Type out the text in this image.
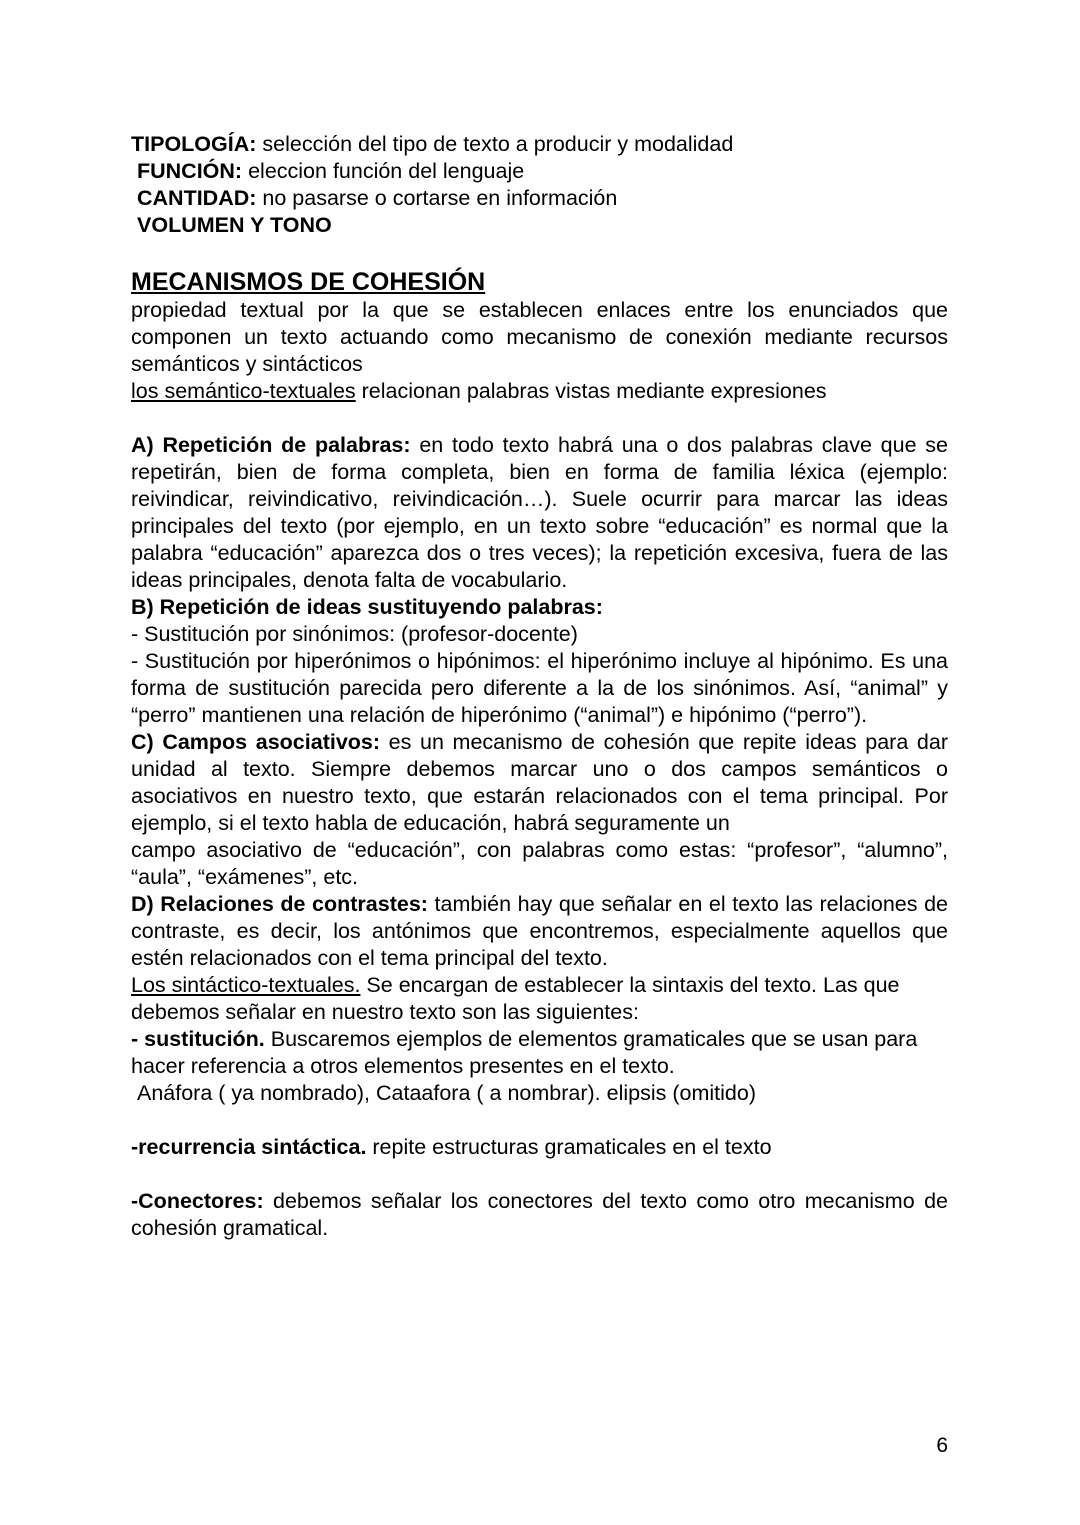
TIPOLOGÍA: selección del tipo de texto a producir y modalidad
FUNCIÓN: eleccion función del lenguaje
CANTIDAD: no pasarse o cortarse en información
VOLUMEN Y TONO
MECANISMOS DE COHESIÓN
propiedad textual por la que se establecen enlaces entre los enunciados que componen un texto actuando como mecanismo de conexión mediante recursos semánticos y sintácticos
los semántico-textuales relacionan palabras vistas mediante expresiones
A) Repetición de palabras: en todo texto habrá una o dos palabras clave que se repetirán, bien de forma completa, bien en forma de familia léxica (ejemplo: reivindicar, reivindicativo, reivindicación…). Suele ocurrir para marcar las ideas principales del texto (por ejemplo, en un texto sobre “educación” es normal que la palabra “educación” aparezca dos o tres veces); la repetición excesiva, fuera de las ideas principales, denota falta de vocabulario.
B) Repetición de ideas sustituyendo palabras:
- Sustitución por sinónimos: (profesor-docente)
- Sustitución por hiperónimos o hipónimos: el hiperónimo incluye al hipónimo. Es una forma de sustitución parecida pero diferente a la de los sinónimos. Así, “animal” y “perro” mantienen una relación de hiperónimo (“animal”) e hipónimo (“perro”).
C) Campos asociativos: es un mecanismo de cohesión que repite ideas para dar unidad al texto. Siempre debemos marcar uno o dos campos semánticos o asociativos en nuestro texto, que estarán relacionados con el tema principal. Por ejemplo, si el texto habla de educación, habrá seguramente un
campo asociativo de “educación”, con palabras como estas: “profesor”, “alumno”, “aula”, “exámenes”, etc.
D) Relaciones de contrastes: también hay que señalar en el texto las relaciones de contraste, es decir, los antónimos que encontremos, especialmente aquellos que estén relacionados con el tema principal del texto.
Los sintáctico-textuales. Se encargan de establecer la sintaxis del texto. Las que debemos señalar en nuestro texto son las siguientes:
- sustitución. Buscaremos ejemplos de elementos gramaticales que se usan para hacer referencia a otros elementos presentes en el texto.
Anáfora ( ya nombrado), Cataafora ( a nombrar). elipsis (omitido)
-recurrencia sintáctica. repite estructuras gramaticales en el texto
-Conectores: debemos señalar los conectores del texto como otro mecanismo de cohesión gramatical.
6
